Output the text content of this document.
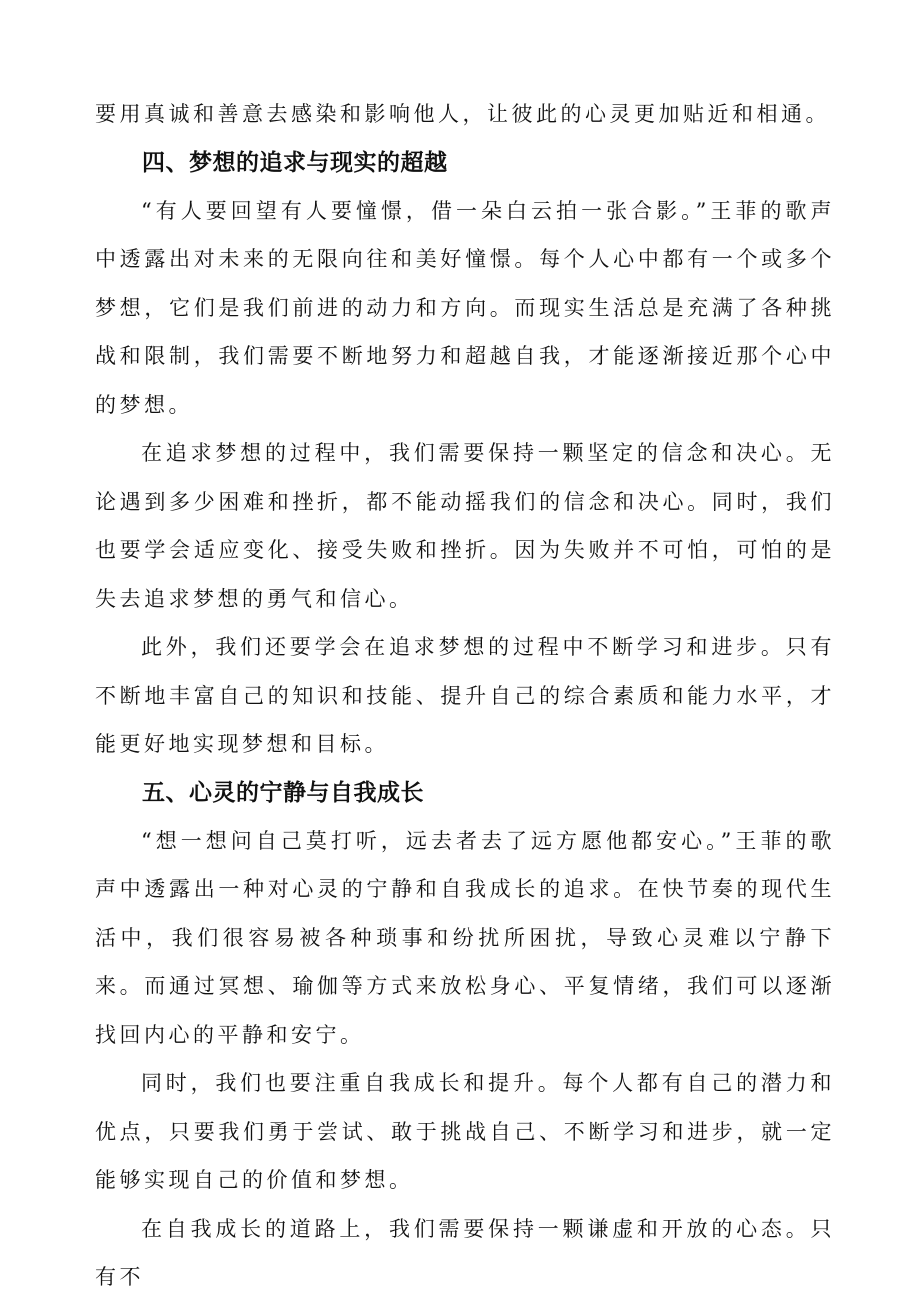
要用真诚和善意去感染和影响他人，让彼此的心灵更加贴近和相通。

四、梦想的追求与现实的超越

“有人要回望有人要憧憬，借一朵白云拍一张合影。”王菲的歌声中透露出对未来的无限向往和美好憧憬。每个人心中都有一个或多个梦想，它们是我们前进的动力和方向。而现实生活总是充满了各种挑战和限制，我们需要不断地努力和超越自我，才能逐渐接近那个心中的梦想。

在追求梦想的过程中，我们需要保持一颗坚定的信念和决心。无论遇到多少困难和挫折，都不能动摇我们的信念和决心。同时，我们也要学会适应变化、接受失败和挫折。因为失败并不可怕，可怕的是失去追求梦想的勇气和信心。

此外，我们还要学会在追求梦想的过程中不断学习和进步。只有不断地丰富自己的知识和技能、提升自己的综合素质和能力水平，才能更好地实现梦想和目标。

五、心灵的宁静与自我成长

“想一想问自己莫打听，远去者去了远方愿他都安心。”王菲的歌声中透露出一种对心灵的宁静和自我成长的追求。在快节奏的现代生活中，我们很容易被各种琐事和纷扰所困扰，导致心灵难以宁静下来。而通过冥想、瑜伽等方式来放松身心、平复情绪，我们可以逐渐找回内心的平静和安宁。

同时，我们也要注重自我成长和提升。每个人都有自己的潜力和优点，只要我们勇于尝试、敢于挑战自己、不断学习和进步，就一定能够实现自己的价值和梦想。

在自我成长的道路上，我们需要保持一颗谦虚和开放的心态。只有不
